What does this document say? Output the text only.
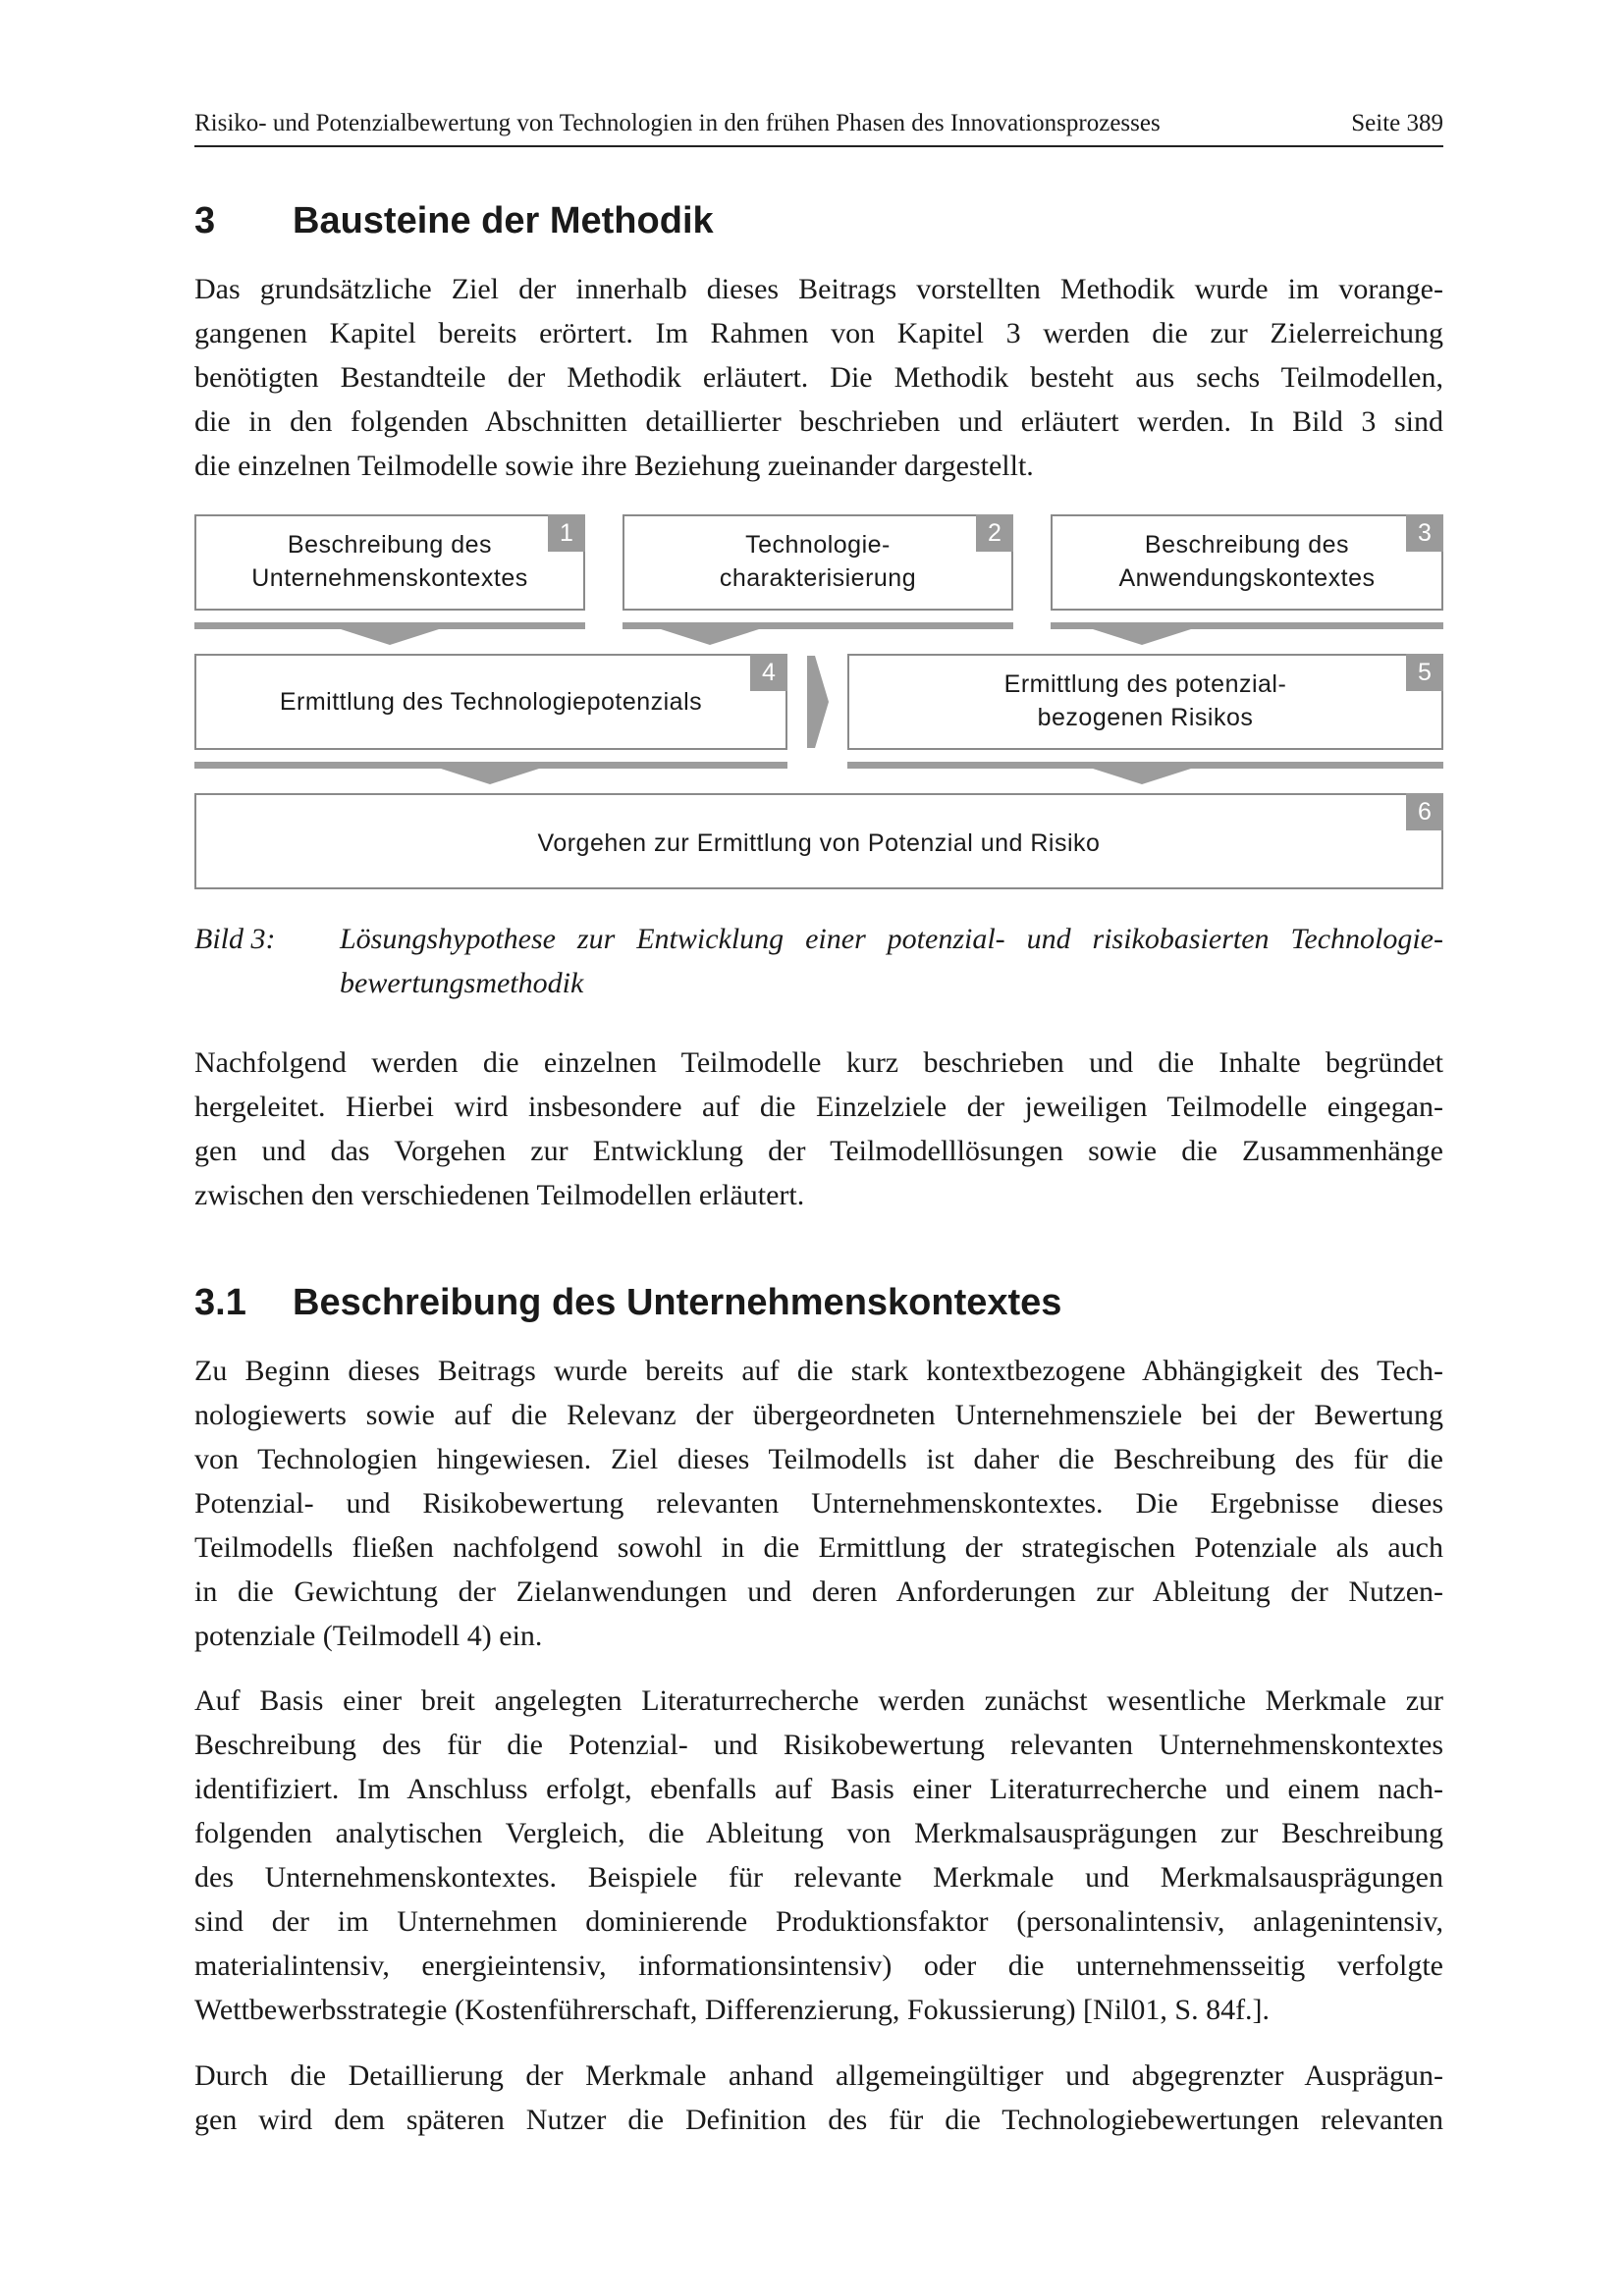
Risiko- und Potenzialbewertung von Technologien in den frühen Phasen des Innovationsprozesses	Seite 389
3 Bausteine der Methodik
Das grundsätzliche Ziel der innerhalb dieses Beitrags vorstellten Methodik wurde im vorange-
gangenen Kapitel bereits erörtert. Im Rahmen von Kapitel 3 werden die zur Zielerreichung
benötigten Bestandteile der Methodik erläutert. Die Methodik besteht aus sechs Teilmodellen,
die in den folgenden Abschnitten detaillierter beschrieben und erläutert werden. In Bild 3 sind
die einzelnen Teilmodelle sowie ihre Beziehung zueinander dargestellt.
1
Beschreibung des
Unternehmenskontextes
2
Technologie-
charakterisierung
3
Beschreibung des
Anwendungskontextes
4
Ermittlung des Technologiepotenzials
5
Ermittlung des potenzial-
bezogenen Risikos
6
Vorgehen zur Ermittlung von Potenzial und Risiko
Bild 3: Lösungshypothese zur Entwicklung einer potenzial- und risikobasierten Technologie-
bewertungsmethodik
Nachfolgend werden die einzelnen Teilmodelle kurz beschrieben und die Inhalte begründet
hergeleitet. Hierbei wird insbesondere auf die Einzelziele der jeweiligen Teilmodelle eingegan-
gen und das Vorgehen zur Entwicklung der Teilmodelllösungen sowie die Zusammenhänge
zwischen den verschiedenen Teilmodellen erläutert.
3.1 Beschreibung des Unternehmenskontextes
Zu Beginn dieses Beitrags wurde bereits auf die stark kontextbezogene Abhängigkeit des Tech-
nologiewerts sowie auf die Relevanz der übergeordneten Unternehmensziele bei der Bewertung
von Technologien hingewiesen. Ziel dieses Teilmodells ist daher die Beschreibung des für die
Potenzial- und Risikobewertung relevanten Unternehmenskontextes. Die Ergebnisse dieses
Teilmodells fließen nachfolgend sowohl in die Ermittlung der strategischen Potenziale als auch
in die Gewichtung der Zielanwendungen und deren Anforderungen zur Ableitung der Nutzen-
potenziale (Teilmodell 4) ein.
Auf Basis einer breit angelegten Literaturrecherche werden zunächst wesentliche Merkmale zur
Beschreibung des für die Potenzial- und Risikobewertung relevanten Unternehmenskontextes
identifiziert. Im Anschluss erfolgt, ebenfalls auf Basis einer Literaturrecherche und einem nach-
folgenden analytischen Vergleich, die Ableitung von Merkmalsausprägungen zur Beschreibung
des Unternehmenskontextes. Beispiele für relevante Merkmale und Merkmalsausprägungen
sind der im Unternehmen dominierende Produktionsfaktor (personalintensiv, anlagenintensiv,
materialintensiv, energieintensiv, informationsintensiv) oder die unternehmensseitig verfolgte
Wettbewerbsstrategie (Kostenführerschaft, Differenzierung, Fokussierung) [Nil01, S. 84f.].
Durch die Detaillierung der Merkmale anhand allgemeingültiger und abgegrenzter Ausprägun-
gen wird dem späteren Nutzer die Definition des für die Technologiebewertungen relevanten
